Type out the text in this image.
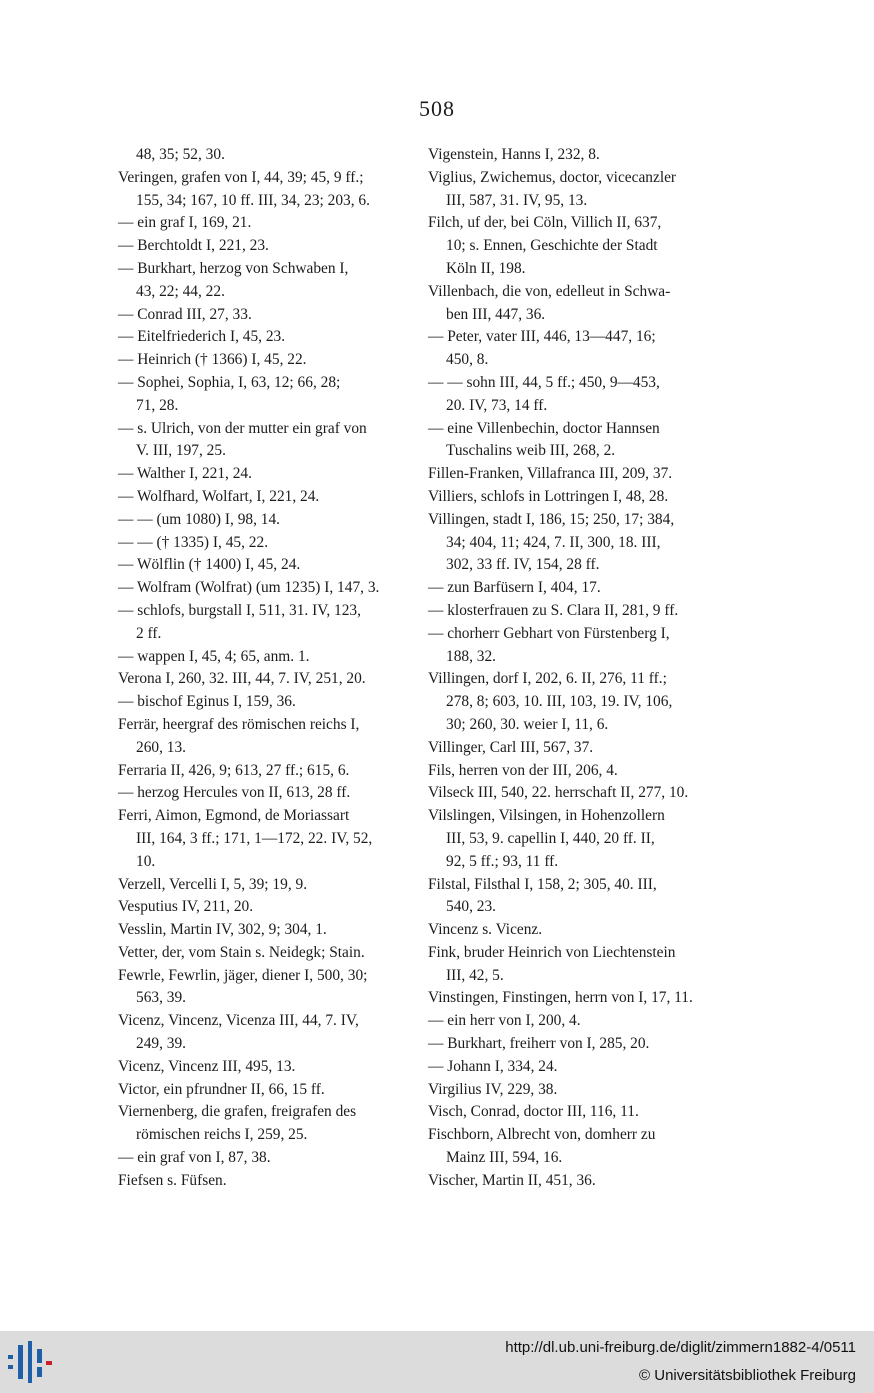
508
48, 35; 52, 30.
Veringen, grafen von I, 44, 39; 45, 9 ff.;
155, 34; 167, 10 ff. III, 34, 23; 203, 6.
— ein graf I, 169, 21.
— Berchtoldt I, 221, 23.
— Burkhart, herzog von Schwaben I,
43, 22; 44, 22.
— Conrad III, 27, 33.
— Eitelfriederich I, 45, 23.
— Heinrich († 1366) I, 45, 22.
— Sophei, Sophia, I, 63, 12; 66, 28;
71, 28.
— s. Ulrich, von der mutter ein graf von
V. III, 197, 25.
— Walther I, 221, 24.
— Wolfhard, Wolfart, I, 221, 24.
— — (um 1080) I, 98, 14.
— — († 1335) I, 45, 22.
— Wölflin († 1400) I, 45, 24.
— Wolfram (Wolfrat) (um 1235) I, 147, 3.
— schlofs, burgstall I, 511, 31. IV, 123,
2 ff.
— wappen I, 45, 4; 65, anm. 1.
Verona I, 260, 32. III, 44, 7. IV, 251, 20.
— bischof Eginus I, 159, 36.
Ferrär, heergraf des römischen reichs I,
260, 13.
Ferraria II, 426, 9; 613, 27 ff.; 615, 6.
— herzog Hercules von II, 613, 28 ff.
Ferri, Aimon, Egmond, de Moriassart
III, 164, 3 ff.; 171, 1—172, 22. IV, 52,
10.
Verzell, Vercelli I, 5, 39; 19, 9.
Vesputius IV, 211, 20.
Vesslin, Martin IV, 302, 9; 304, 1.
Vetter, der, vom Stain s. Neidegk; Stain.
Fewrle, Fewrlin, jäger, diener I, 500, 30;
563, 39.
Vicenz, Vincenz, Vicenza III, 44, 7. IV,
249, 39.
Vicenz, Vincenz III, 495, 13.
Victor, ein pfrundner II, 66, 15 ff.
Viernenberg, die grafen, freigrafen des
römischen reichs I, 259, 25.
— ein graf von I, 87, 38.
Fiefsen s. Füfsen.
Vigenstein, Hanns I, 232, 8.
Viglius, Zwichemus, doctor, vicecanzler
III, 587, 31. IV, 95, 13.
Filch, uf der, bei Cöln, Villich II, 637,
10; s. Ennen, Geschichte der Stadt
Köln II, 198.
Villenbach, die von, edelleut in Schwa-
ben III, 447, 36.
— Peter, vater III, 446, 13—447, 16;
450, 8.
— — sohn III, 44, 5 ff.; 450, 9—453,
20. IV, 73, 14 ff.
— eine Villenbechin, doctor Hannsen
Tuschalins weib III, 268, 2.
Fillen-Franken, Villafranca III, 209, 37.
Villiers, schlofs in Lottringen I, 48, 28.
Villingen, stadt I, 186, 15; 250, 17; 384,
34; 404, 11; 424, 7. II, 300, 18. III,
302, 33 ff. IV, 154, 28 ff.
— zun Barfüsern I, 404, 17.
— klosterfrauen zu S. Clara II, 281, 9 ff.
— chorherr Gebhart von Fürstenberg I,
188, 32.
Villingen, dorf I, 202, 6. II, 276, 11 ff.;
278, 8; 603, 10. III, 103, 19. IV, 106,
30; 260, 30. weier I, 11, 6.
Villinger, Carl III, 567, 37.
Fils, herren von der III, 206, 4.
Vilseck III, 540, 22. herrschaft II, 277, 10.
Vilslingen, Vilsingen, in Hohenzollern
III, 53, 9. capellin I, 440, 20 ff. II,
92, 5 ff.; 93, 11 ff.
Filstal, Filsthal I, 158, 2; 305, 40. III,
540, 23.
Vincenz s. Vicenz.
Fink, bruder Heinrich von Liechtenstein
III, 42, 5.
Vinstingen, Finstingen, herrn von I, 17, 11.
— ein herr von I, 200, 4.
— Burkhart, freiherr von I, 285, 20.
— Johann I, 334, 24.
Virgilius IV, 229, 38.
Visch, Conrad, doctor III, 116, 11.
Fischborn, Albrecht von, domherr zu
Mainz III, 594, 16.
Vischer, Martin II, 451, 36.
http://dl.ub.uni-freiburg.de/diglit/zimmern1882-4/0511
© Universitätsbibliothek Freiburg
